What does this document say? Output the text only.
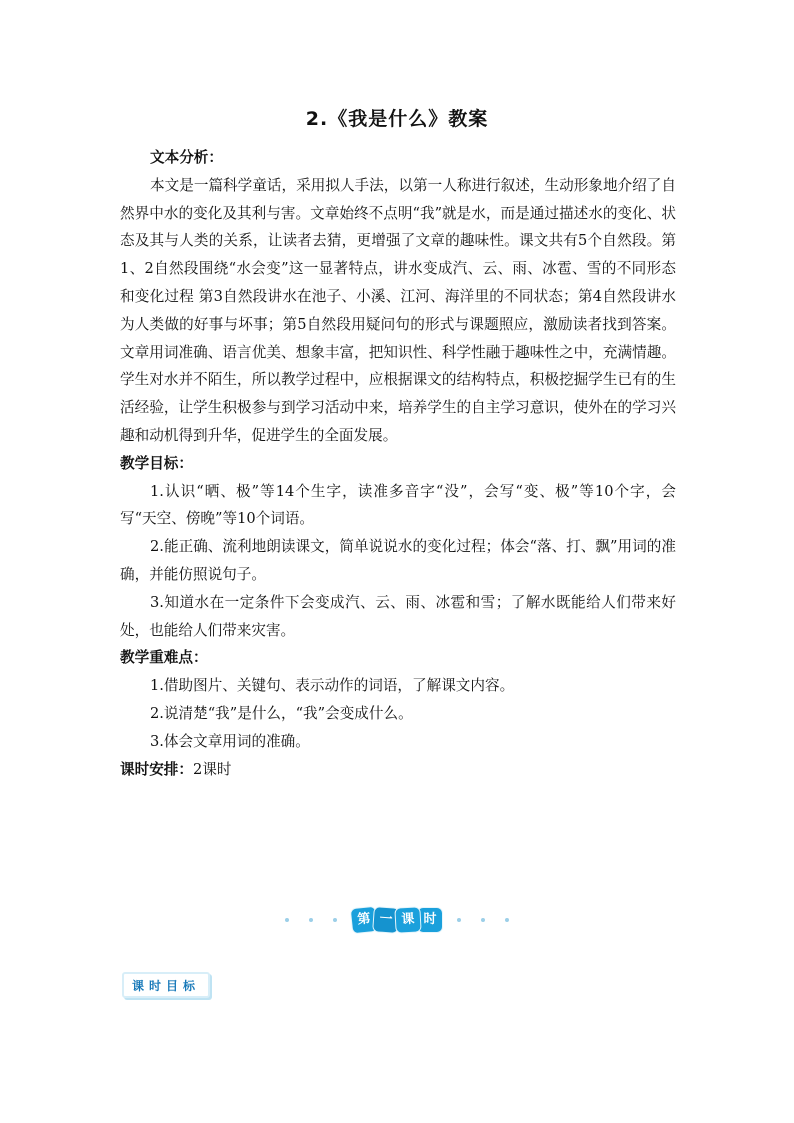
2.《我是什么》教案
文本分析：

本文是一篇科学童话，采用拟人手法，以第一人称进行叙述，生动形象地介绍了自然界中水的变化及其利与害。文章始终不点明“我”就是水，而是通过描述水的变化、状态及其与人类的关系，让读者去猜，更增强了文章的趣味性。课文共有5个自然段。第1、2自然段围绕“水会变”这一显著特点，讲水变成汽、云、雨、冰雹、雪的不同形态和变化过程 第3自然段讲水在池子、小溪、江河、海洋里的不同状态；第4自然段讲水为人类做的好事与坏事；第5自然段用疑问句的形式与课题照应，激励读者找到答案。文章用词准确、语言优美、想象丰富，把知识性、科学性融于趣味性之中，充满情趣。学生对水并不陌生，所以教学过程中，应根据课文的结构特点，积极挖掘学生已有的生活经验，让学生积极参与到学习活动中来，培养学生的自主学习意识，使外在的学习兴趣和动机得到升华，促进学生的全面发展。

教学目标：
1.认识“晒、极”等14个生字，读准多音字“没”，会写“变、极”等10个字，会写“天空、傍晚”等10个词语。
2.能正确、流利地朗读课文，简单说说水的变化过程；体会“落、打、飘”用词的准确，并能仿照说句子。
3.知道水在一定条件下会变成汽、云、雨、冰雹和雪；了解水既能给人们带来好处，也能给人们带来灾害。
教学重难点：
1.借助图片、关键句、表示动作的词语，了解课文内容。
2.说清楚“我”是什么，“我”会变成什么。
3.体会文章用词的准确。
课时安排：2课时
第 一 课 时
课时目标
